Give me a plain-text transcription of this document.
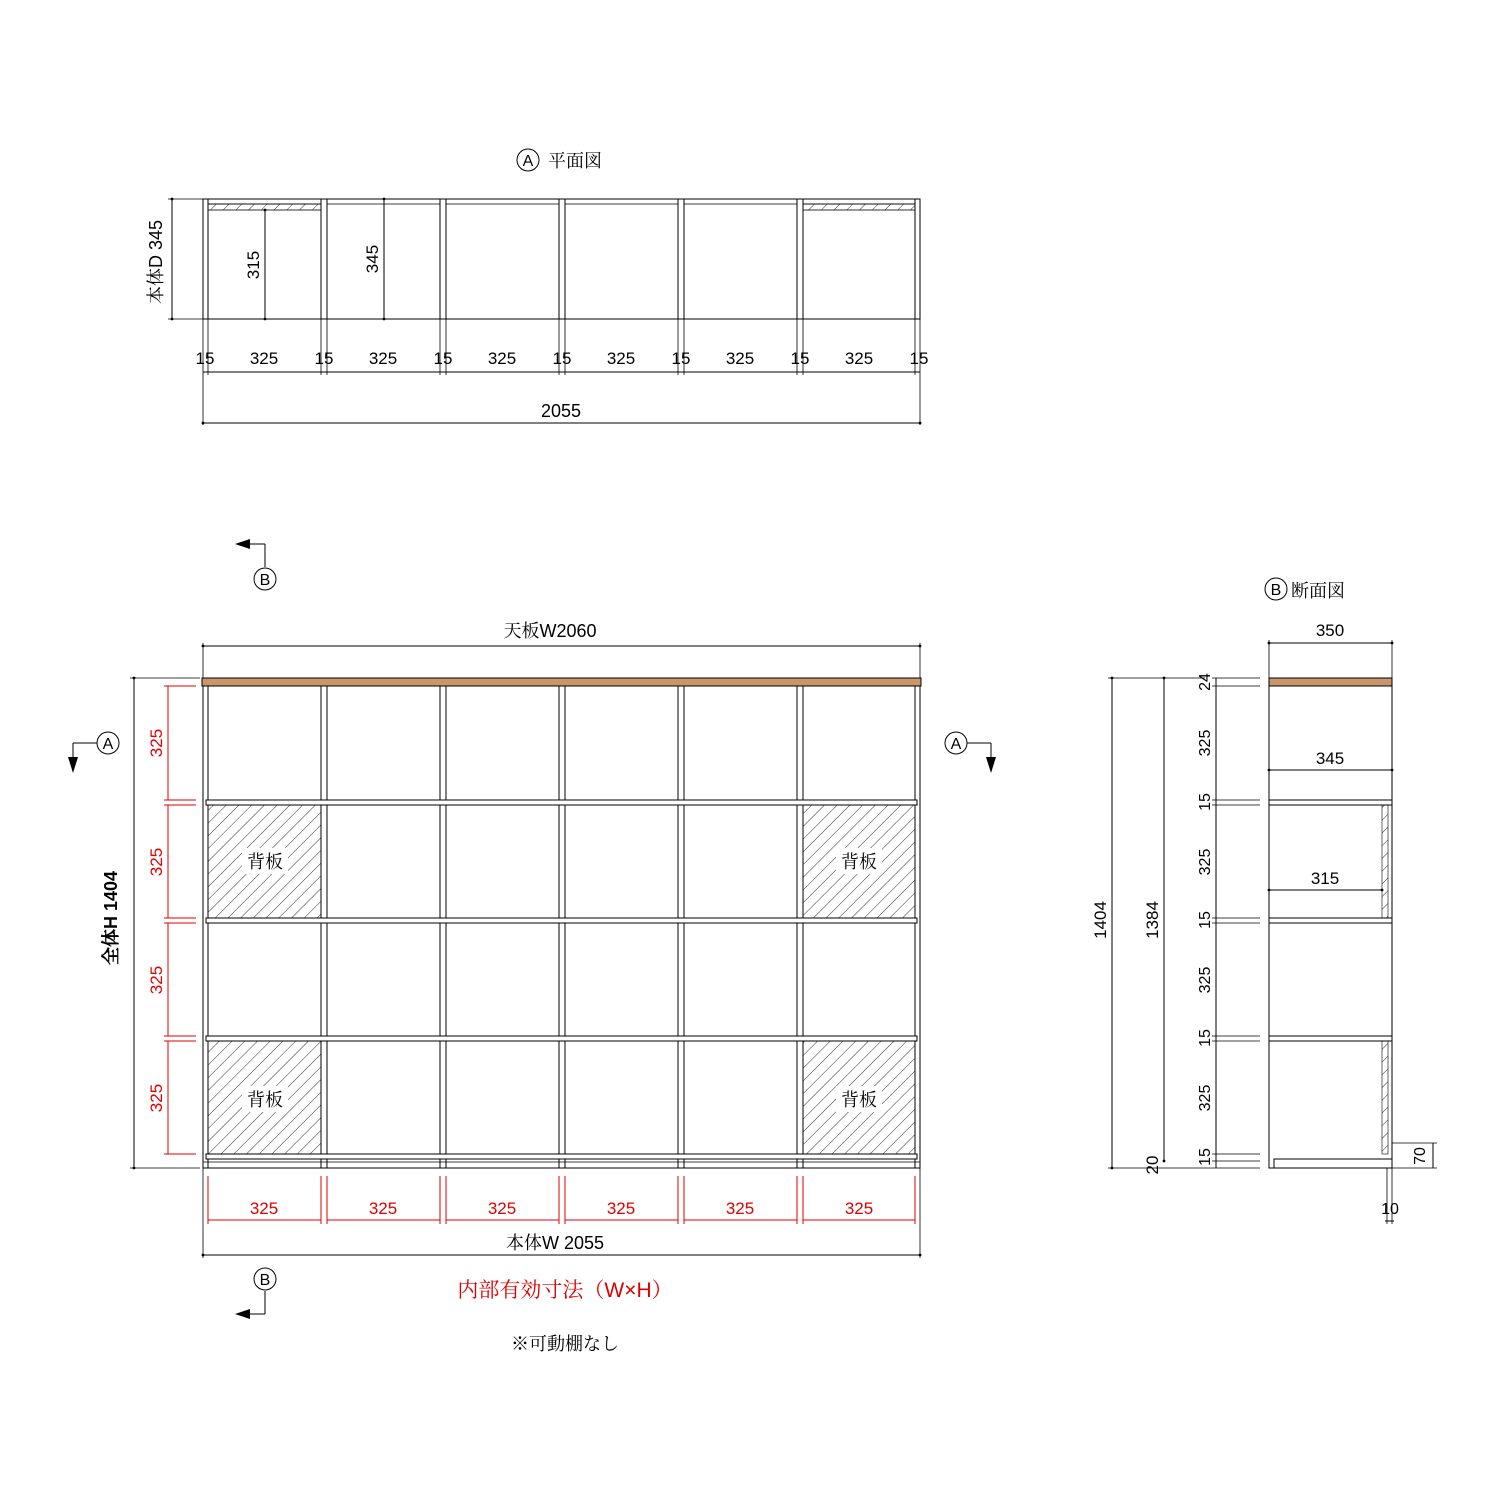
A 平面図
315	345
本体D 345
15 325 15 325 15 325 15 325 15 325 15 325 15
2055
B
B
A	A
天板W2060
背板	背板
背板	背板
全体H 1404
325
325
325
325
325	325	325	325	325	325
本体W 2055
内部有効寸法（W×H）
※可動棚なし
B 断面図
350
345
315
1404 1384
20
24
325
15
325
15
325
15
325
15	70
10
